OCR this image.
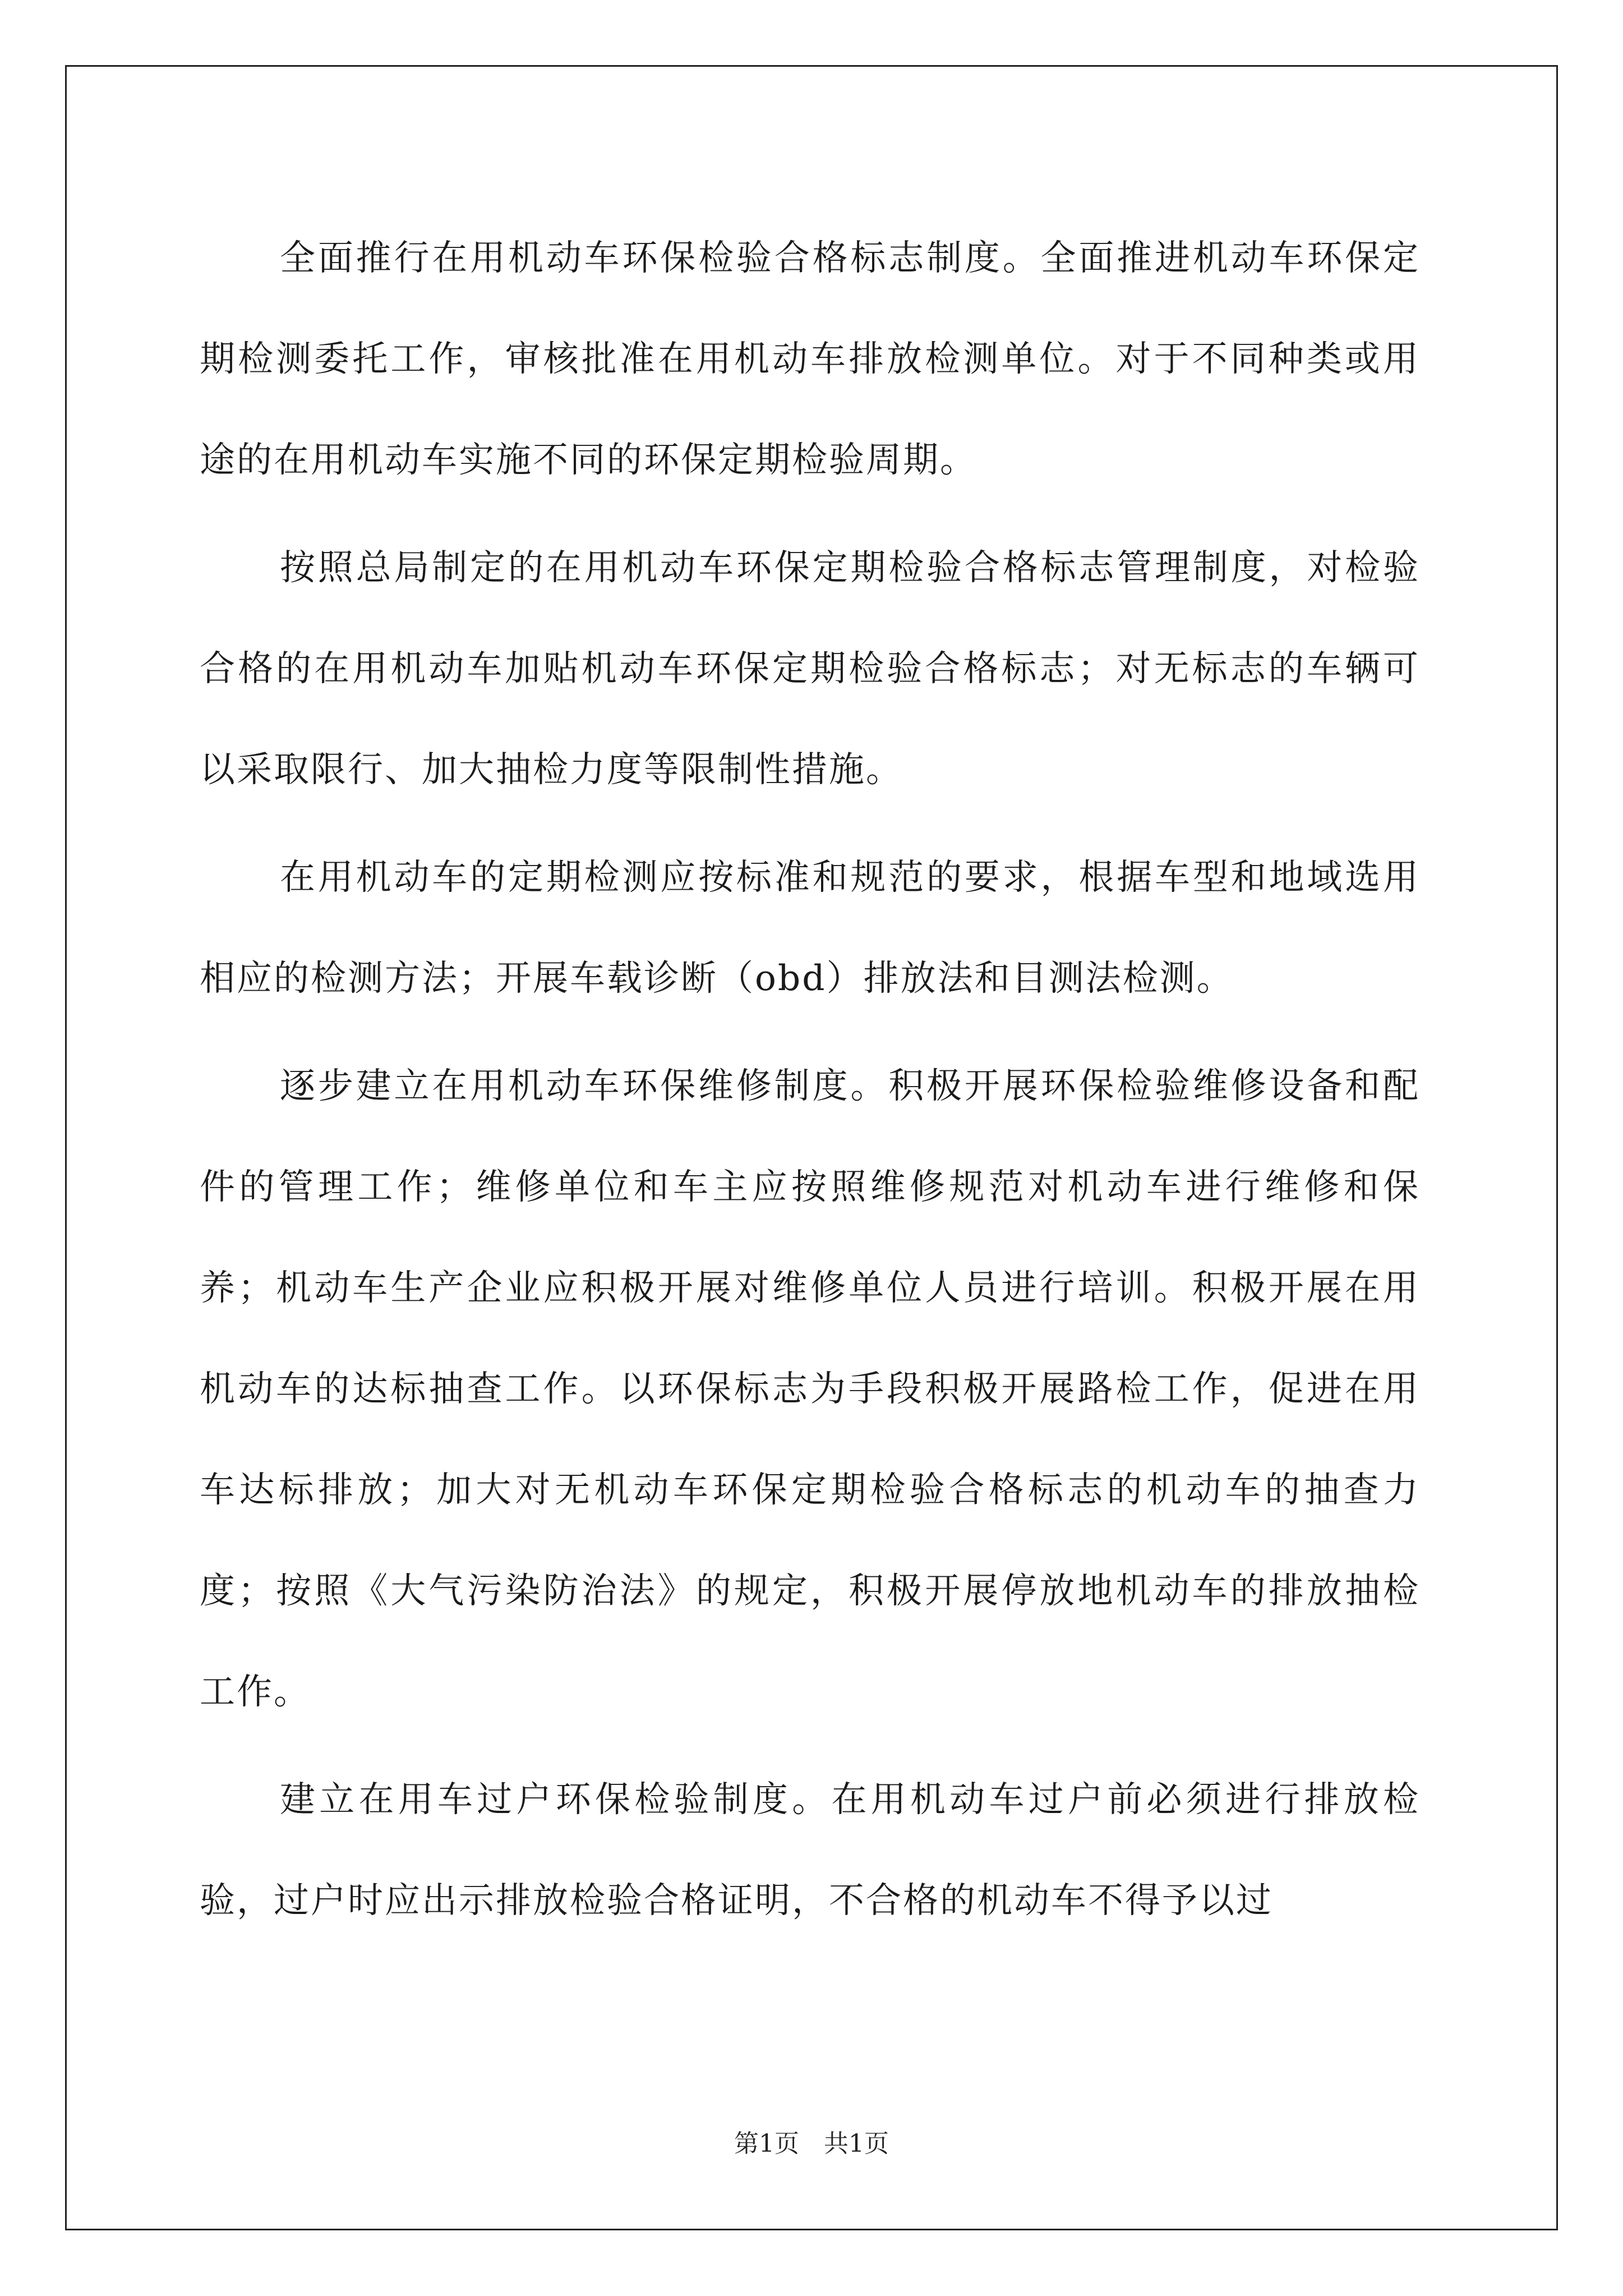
全面推行在用机动车环保检验合格标志制度。全面推进机动车环保定期检测委托工作，审核批准在用机动车排放检测单位。对于不同种类或用途的在用机动车实施不同的环保定期检验周期。

按照总局制定的在用机动车环保定期检验合格标志管理制度，对检验合格的在用机动车加贴机动车环保定期检验合格标志；对无标志的车辆可以采取限行、加大抽检力度等限制性措施。

在用机动车的定期检测应按标准和规范的要求，根据车型和地域选用相应的检测方法；开展车载诊断（obd）排放法和目测法检测。

逐步建立在用机动车环保维修制度。积极开展环保检验维修设备和配件的管理工作；维修单位和车主应按照维修规范对机动车进行维修和保养；机动车生产企业应积极开展对维修单位人员进行培训。积极开展在用机动车的达标抽查工作。以环保标志为手段积极开展路检工作，促进在用车达标排放；加大对无机动车环保定期检验合格标志的机动车的抽查力度；按照《大气污染防治法》的规定，积极开展停放地机动车的排放抽检工作。

建立在用车过户环保检验制度。在用机动车过户前必须进行排放检验，过户时应出示排放检验合格证明，不合格的机动车不得予以过

第1页　共1页
